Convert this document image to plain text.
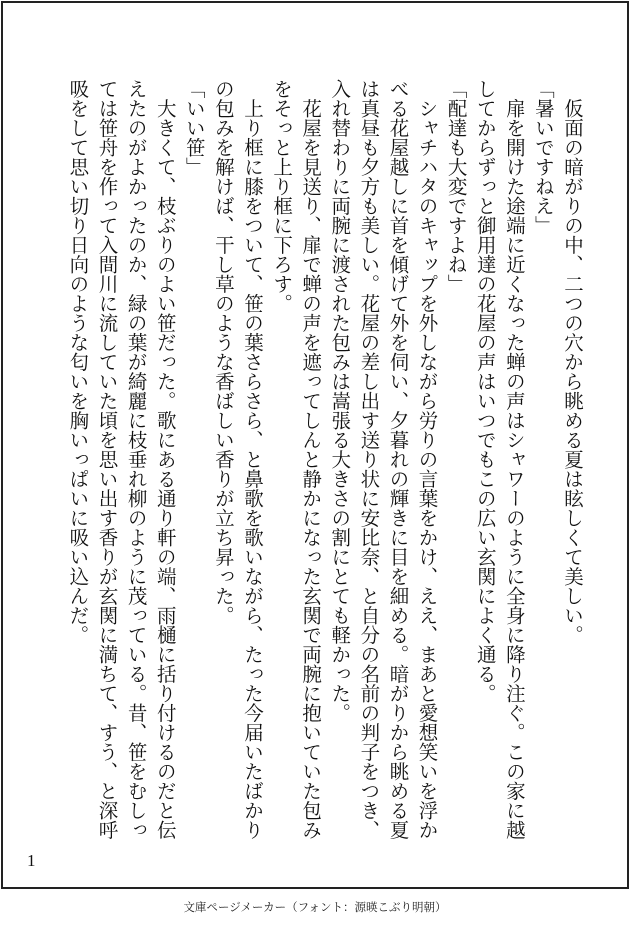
　仮面の暗がりの中、二つの穴から眺める夏は眩しくて美しい。
「暑いですねえ」
　扉を開けた途端に近くなった蝉の声はシャワーのように全身に降り注ぐ。この家に越
してからずっと御用達の花屋の声はいつでもこの広い玄関によく通る。
「配達も大変ですよね」
　シャチハタのキャップを外しながら労りの言葉をかけ、ええ、まあと愛想笑いを浮か
べる花屋越しに首を傾げて外を伺い、夕暮れの輝きに目を細める。暗がりから眺める夏
は真昼も夕方も美しい。花屋の差し出す送り状に安比奈、と自分の名前の判子をつき、
入れ替わりに両腕に渡された包みは嵩張る大きさの割にとても軽かった。
　花屋を見送り、扉で蝉の声を遮ってしんと静かになった玄関で両腕に抱いていた包み
をそっと上り框に下ろす。
　上り框に膝をついて、笹の葉さらさら、と鼻歌を歌いながら、たった今届いたばかり
の包みを解けば、干し草のような香ばしい香りが立ち昇った。
「いい笹」
　大きくて、枝ぶりのよい笹だった。歌にある通り軒の端、雨樋に括り付けるのだと伝
えたのがよかったのか、緑の葉が綺麗に枝垂れ柳のように茂っている。昔、笹をむしっ
ては笹舟を作って入間川に流していた頃を思い出す香りが玄関に満ちて、すう、と深呼
吸をして思い切り日向のような匂いを胸いっぱいに吸い込んだ。
1
文庫ページメーカー（フォント：源暎こぶり明朝）
